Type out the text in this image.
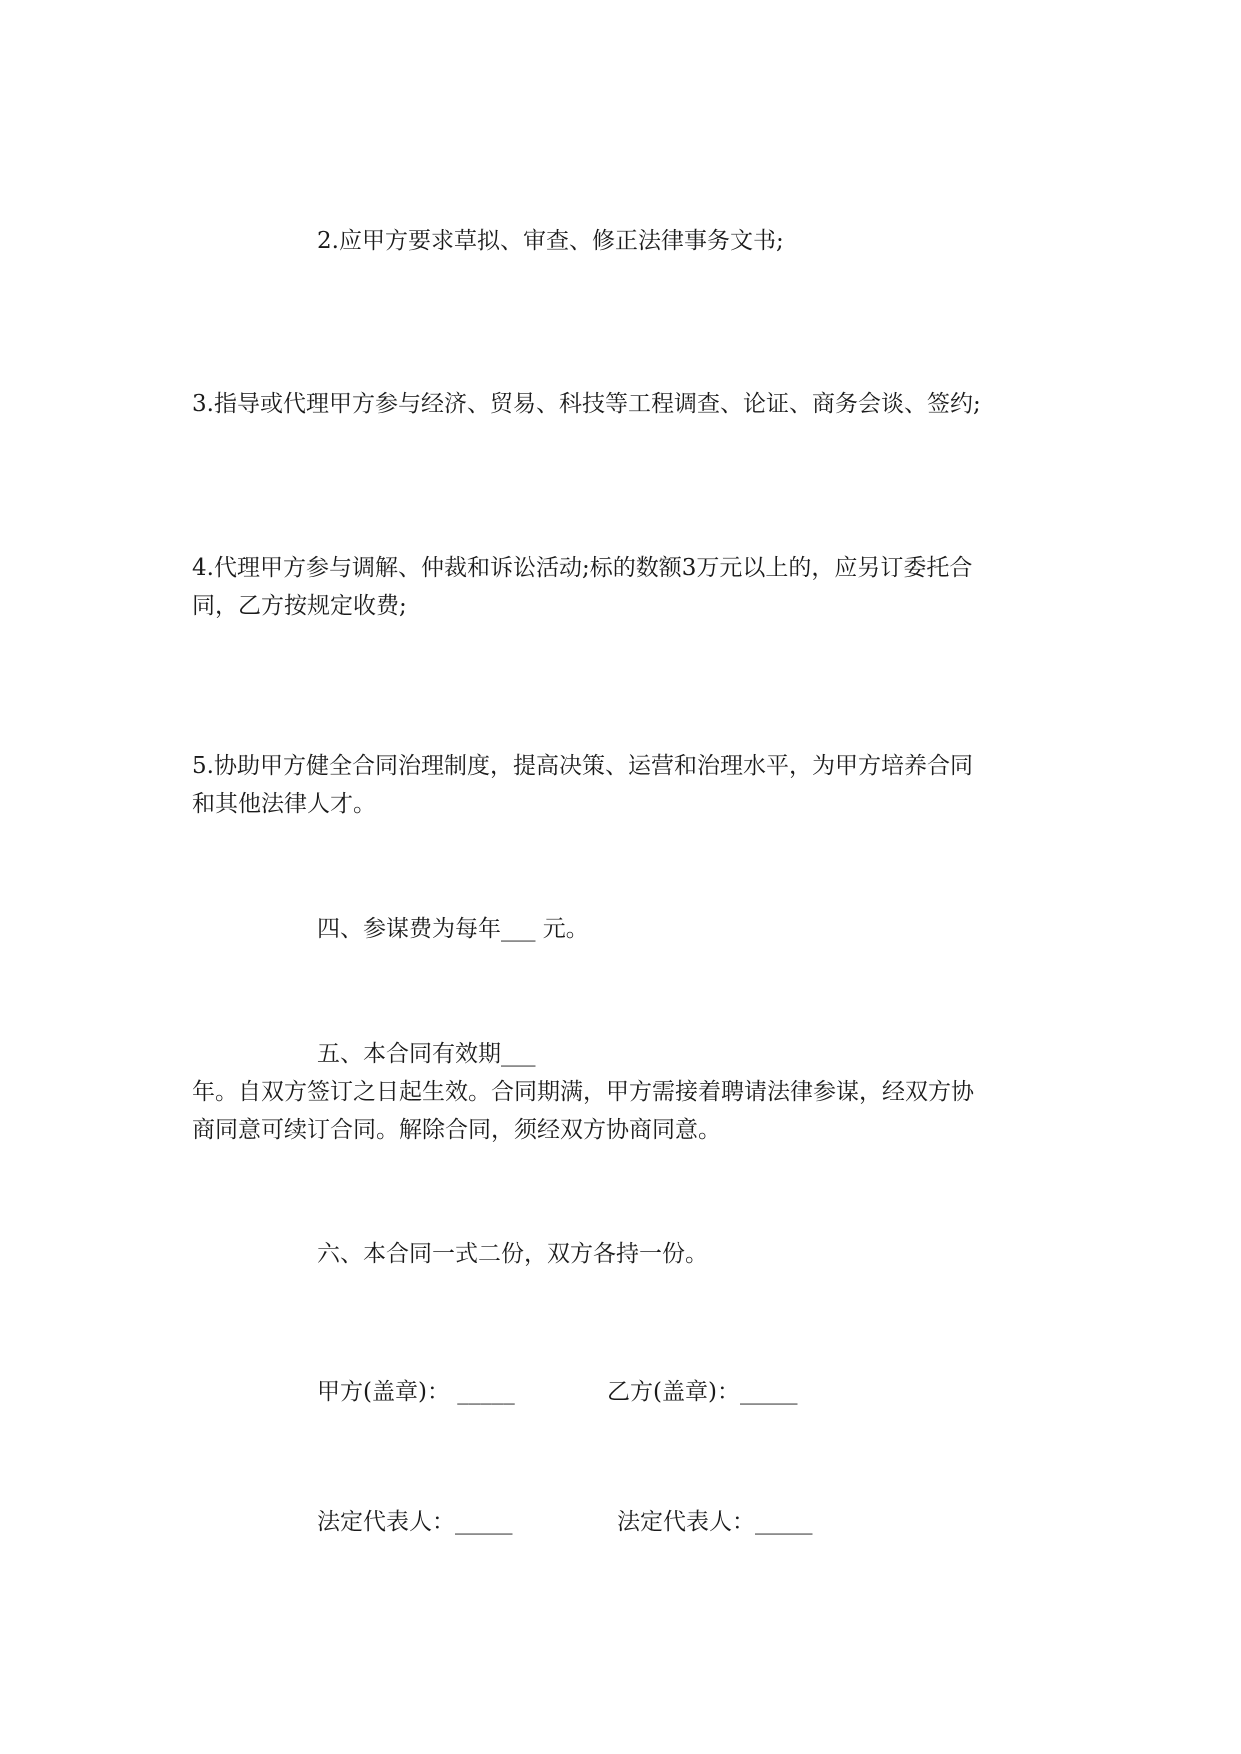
2.应甲方要求草拟、审查、修正法律事务文书;
3.指导或代理甲方参与经济、贸易、科技等工程调查、论证、商务会谈、签约;
4.代理甲方参与调解、仲裁和诉讼活动;标的数额3万元以上的，应另订委托合
同，乙方按规定收费;
5.协助甲方健全合同治理制度，提高决策、运营和治理水平，为甲方培养合同
和其他法律人才。
四、参谋费为每年___ 元。
五、本合同有效期___
年。自双方签订之日起生效。合同期满，甲方需接着聘请法律参谋，经双方协
商同意可续订合同。解除合同，须经双方协商同意。
六、本合同一式二份，双方各持一份。
甲方(盖章)： _____	乙方(盖章)：_____
法定代表人：_____	法定代表人：_____
